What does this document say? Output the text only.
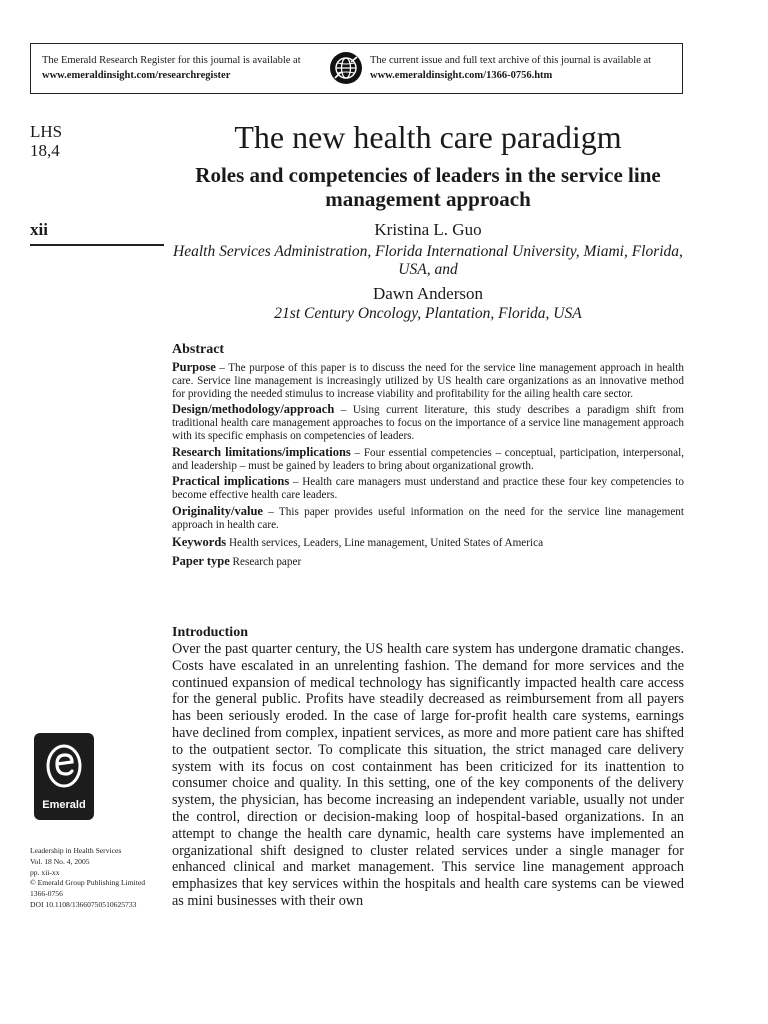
The Emerald Research Register for this journal is available at
www.emeraldinsight.com/researchregister
The current issue and full text archive of this journal is available at
www.emeraldinsight.com/1366-0756.htm
LHS
18,4
xii
The new health care paradigm
Roles and competencies of leaders in the service line management approach
Kristina L. Guo
Health Services Administration, Florida International University, Miami, Florida, USA, and
Dawn Anderson
21st Century Oncology, Plantation, Florida, USA
Abstract

Purpose – The purpose of this paper is to discuss the need for the service line management approach in health care. Service line management is increasingly utilized by US health care organizations as an innovative method for providing the needed stimulus to increase viability and profitability for the ailing health care sector.

Design/methodology/approach – Using current literature, this study describes a paradigm shift from traditional health care management approaches to focus on the importance of a service line management approach with its specific emphasis on competencies of leaders.

Research limitations/implications – Four essential competencies – conceptual, participation, interpersonal, and leadership – must be gained by leaders to bring about organizational growth.

Practical implications – Health care managers must understand and practice these four key competencies to become effective health care leaders.

Originality/value – This paper provides useful information on the need for the service line management approach in health care.

Keywords Health services, Leaders, Line management, United States of America

Paper type Research paper

Introduction

Over the past quarter century, the US health care system has undergone dramatic changes. Costs have escalated in an unrelenting fashion. The demand for more services and the continued expansion of medical technology has significantly impacted health care access for the general public. Profits have steadily decreased as reimbursement from all payers has been seriously eroded. In the case of large for-profit health care systems, earnings have declined from complex, inpatient services, as more and more patient care has shifted to the outpatient sector. To complicate this situation, the strict managed care delivery system with its focus on cost containment has been criticized for its inattention to consumer choice and quality. In this setting, one of the key components of the delivery system, the physician, has become increasing an independent variable, usually not under the control, direction or decision-making loop of hospital-based organizations. In an attempt to change the health care dynamic, health care systems have implemented an organizational shift designed to cluster related services under a single manager for enhanced clinical and market management. This service line management approach emphasizes that key services within the hospitals and health care systems can be viewed as mini businesses with their own

Emerald
Leadership in Health Services
Vol. 18 No. 4, 2005
pp. xii-xx
© Emerald Group Publishing Limited
1366-0756
DOI 10.1108/13660750510625733
